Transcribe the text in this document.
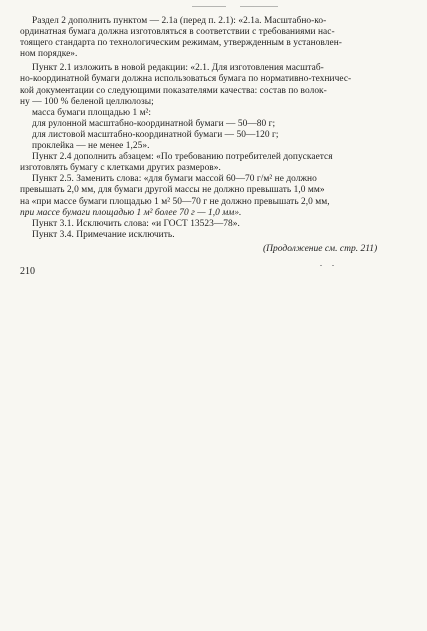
Раздел 2 дополнить пунктом — 2.1а (перед п. 2.1): «2.1а. Масштабно-ко-
ординатная бумага должна изготовляться в соответствии с требованиями нас-
тоящего стандарта по технологическим режимам, утвержденным в установлен-
ном порядке».
Пункт 2.1 изложить в новой редакции: «2.1. Для изготовления масштаб-
но-координатной бумаги должна использоваться бумага по нормативно-техничес-
кой документации со следующими показателями качества: состав по волок-
ну — 100 % беленой целлюлозы;
масса бумаги площадью 1 м²:
для рулонной масштабно-координатной бумаги — 50—80 г;
для листовой масштабно-координатной бумаги — 50—120 г;
проклейка — не менее 1,25».
Пункт 2.4 дополнить абзацем: «По требованию потребителей допускается
изготовлять бумагу с клетками других размеров».
Пункт 2.5. Заменить слова: «для бумаги массой 60—70 г/м² не должно
превышать 2,0 мм, для бумаги другой массы не должно превышать 1,0 мм»
на «при массе бумаги площадью 1 м² 50—70 г не должно превышать 2,0 мм,
при массе бумаги площадью 1 м² более 70 г — 1,0 мм».
Пункт 3.1. Исключить слова: «и ГОСТ 13523—78».
Пункт 3.4. Примечание исключить.
(Продолжение см. стр. 211)
210
